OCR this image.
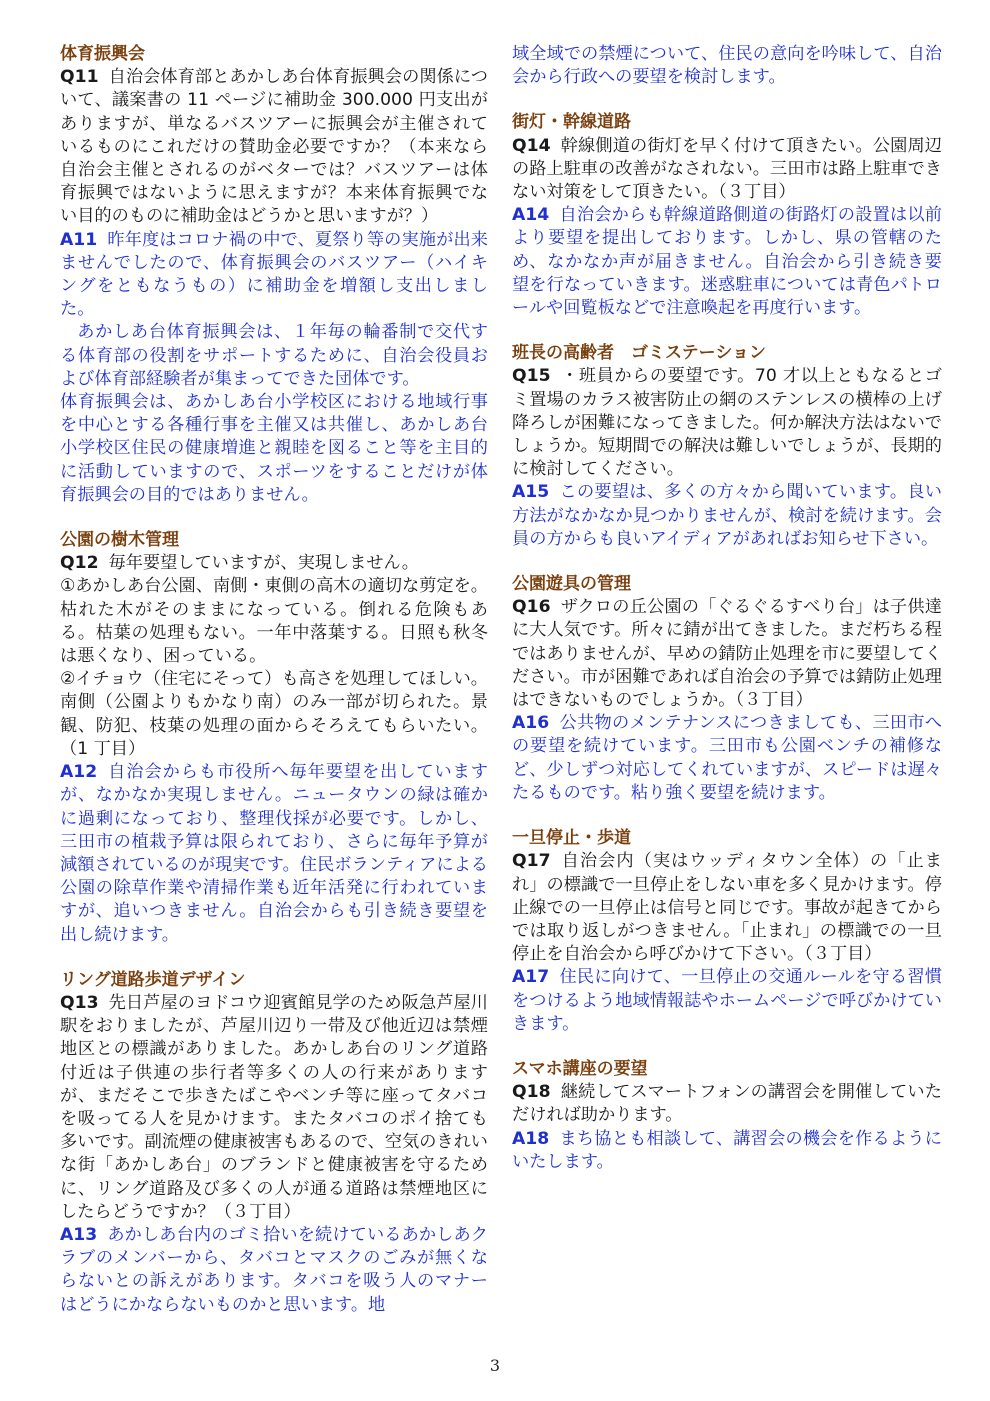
体育振興会

Q11 自治会体育部とあかしあ台体育振興会の関係について、議案書の 11 ページに補助金 300.000 円支出がありますが、単なるバスツアーに振興会が主催されているものにこれだけの賛助金必要ですか？（本来なら自治会主催とされるのがベターでは？バスツアーは体育振興ではないように思えますが？本来体育振興でない目的のものに補助金はどうかと思いますが？）

A11 昨年度はコロナ禍の中で、夏祭り等の実施が出来ませんでしたので、体育振興会のバスツアー（ハイキングをともなうもの）に補助金を増額し支出しました。

あかしあ台体育振興会は、１年毎の輪番制で交代する体育部の役割をサポートするために、自治会役員および体育部経験者が集まってできた団体です。

体育振興会は、あかしあ台小学校区における地域行事を中心とする各種行事を主催又は共催し、あかしあ台小学校区住民の健康増進と親睦を図ること等を主目的に活動していますので、スポーツをすることだけが体育振興会の目的ではありません。

公園の樹木管理

Q12 毎年要望していますが、実現しません。

①あかしあ台公園、南側・東側の高木の適切な剪定を。枯れた木がそのままになっている。倒れる危険もある。枯葉の処理もない。一年中落葉する。日照も秋冬は悪くなり、困っている。

②イチョウ（住宅にそって）も高さを処理してほしい。南側（公園よりもかなり南）のみ一部が切られた。景観、防犯、枝葉の処理の面からそろえてもらいたい。（1 丁目）

A12 自治会からも市役所へ毎年要望を出していますが、なかなか実現しません。ニュータウンの緑は確かに過剰になっており、整理伐採が必要です。しかし、三田市の植栽予算は限られており、さらに毎年予算が減額されているのが現実です。住民ボランティアによる公園の除草作業や清掃作業も近年活発に行われていますが、追いつきません。自治会からも引き続き要望を出し続けます。

リング道路歩道デザイン

Q13 先日芦屋のヨドコウ迎賓館見学のため阪急芦屋川駅をおりましたが、芦屋川辺り一帯及び他近辺は禁煙地区との標識がありました。あかしあ台のリング道路付近は子供連の歩行者等多くの人の行来がありますが、まだそこで歩きたばこやベンチ等に座ってタバコを吸ってる人を見かけます。またタバコのポイ捨ても多いです。副流煙の健康被害もあるので、空気のきれいな街「あかしあ台」のブランドと健康被害を守るために、リング道路及び多くの人が通る道路は禁煙地区にしたらどうですか？（３丁目）

A13 あかしあ台内のゴミ拾いを続けているあかしあクラブのメンバーから、タバコとマスクのごみが無くならないとの訴えがあります。タバコを吸う人のマナーはどうにかならないものかと思います。地

域全域での禁煙について、住民の意向を吟味して、自治会から行政への要望を検討します。

街灯・幹線道路

Q14 幹線側道の街灯を早く付けて頂きたい。公園周辺の路上駐車の改善がなされない。三田市は路上駐車できない対策をして頂きたい。（３丁目）

A14 自治会からも幹線道路側道の街路灯の設置は以前より要望を提出しております。しかし、県の管轄のため、なかなか声が届きません。自治会から引き続き要望を行なっていきます。迷惑駐車については青色パトロールや回覧板などで注意喚起を再度行います。

班長の高齢者　ゴミステーション

Q15 ・班員からの要望です。70 才以上ともなるとゴミ置場のカラス被害防止の網のステンレスの横棒の上げ降ろしが困難になってきました。何か解決方法はないでしょうか。短期間での解決は難しいでしょうが、長期的に検討してください。

A15 この要望は、多くの方々から聞いています。良い方法がなかなか見つかりませんが、検討を続けます。会員の方からも良いアイディアがあればお知らせ下さい。

公園遊具の管理

Q16 ザクロの丘公園の「ぐるぐるすべり台」は子供達に大人気です。所々に錆が出てきました。まだ朽ちる程ではありませんが、早めの錆防止処理を市に要望してください。市が困難であれば自治会の予算では錆防止処理はできないものでしょうか。（３丁目）

A16 公共物のメンテナンスにつきましても、三田市への要望を続けています。三田市も公園ベンチの補修など、少しずつ対応してくれていますが、スピードは遅々たるものです。粘り強く要望を続けます。

一旦停止・歩道

Q17 自治会内（実はウッディタウン全体）の「止まれ」の標識で一旦停止をしない車を多く見かけます。停止線での一旦停止は信号と同じです。事故が起きてからでは取り返しがつきません。「止まれ」の標識での一旦停止を自治会から呼びかけて下さい。（３丁目）

A17 住民に向けて、一旦停止の交通ルールを守る習慣をつけるよう地域情報誌やホームページで呼びかけていきます。

スマホ講座の要望

Q18 継続してスマートフォンの講習会を開催していただければ助かります。

A18 まち協とも相談して、講習会の機会を作るようにいたします。

3
